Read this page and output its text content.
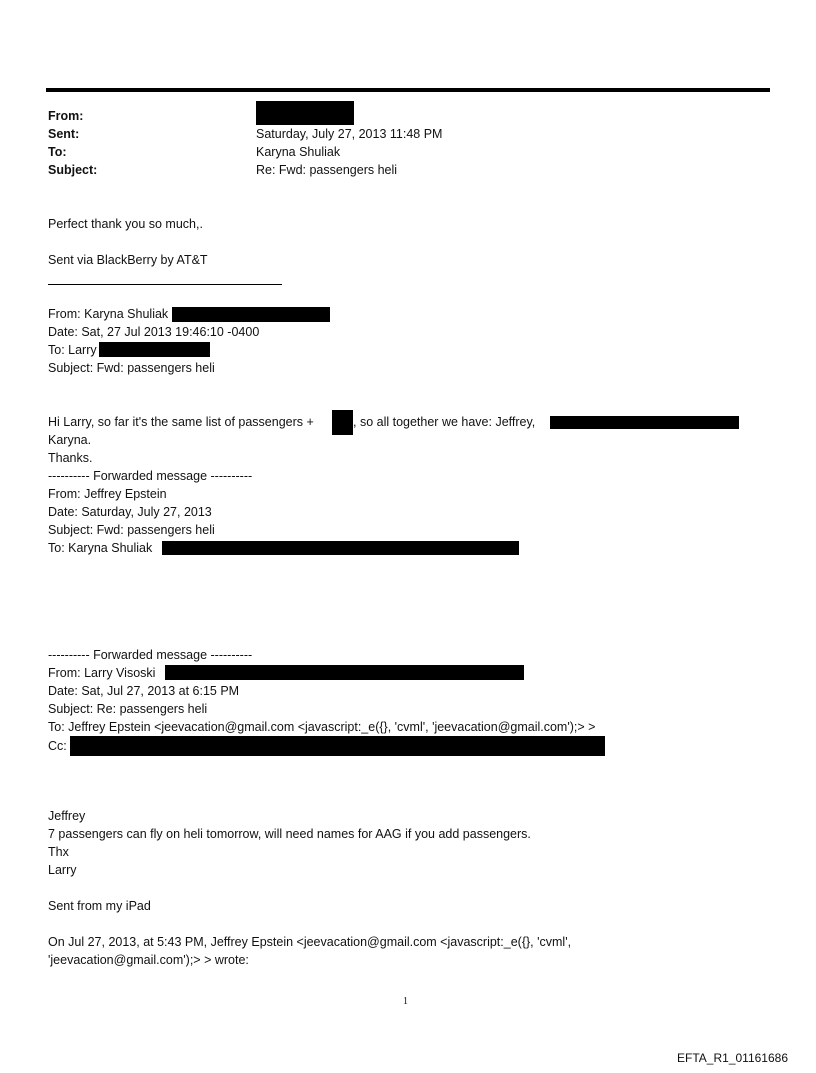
From:
Sent:	Saturday, July 27, 2013 11:48 PM
To:	Karyna Shuliak
Subject:	Re: Fwd: passengers heli
Perfect thank you so much,.
Sent via BlackBerry by AT&T
From: Karyna Shuliak
Date: Sat, 27 Jul 2013 19:46:10 -0400
To: Larry
Subject: Fwd: passengers heli
Hi Larry, so far it's the same list of passengers +	, so all together we have: Jeffrey,
Karyna.
Thanks.
---------- Forwarded message ----------
From: Jeffrey Epstein
Date: Saturday, July 27, 2013
Subject: Fwd: passengers heli
To: Karyna Shuliak
---------- Forwarded message ----------
From: Larry Visoski
Date: Sat, Jul 27, 2013 at 6:15 PM
Subject: Re: passengers heli
To: Jeffrey Epstein <jeevacation@gmail.com <javascript:_e({}, 'cvml', 'jeevacation@gmail.com');> >
Cc:
Jeffrey
7 passengers can fly on heli tomorrow, will need names for AAG if you add passengers.
Thx
Larry
Sent from my iPad
On Jul 27, 2013, at 5:43 PM, Jeffrey Epstein <jeevacation@gmail.com <javascript:_e({}, 'cvml',
'jeevacation@gmail.com');> > wrote:
1
EFTA_R1_01161686
